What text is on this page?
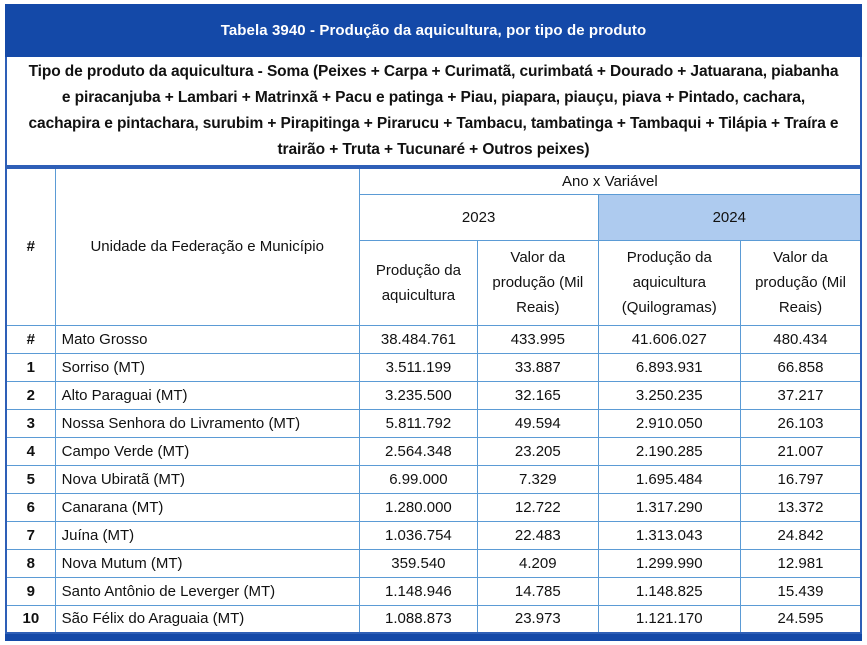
Tabela 3940 - Produção da aquicultura, por tipo de produto

Tipo de produto da aquicultura - Soma (Peixes + Carpa + Curimatã, curimbatá + Dourado + Jatuarana, piabanha e piracanjuba + Lambari + Matrinxã + Pacu e patinga + Piau, piapara, piauçu, piava + Pintado, cachara, cachapira e pintachara, surubim + Pirapitinga + Pirarucu + Tambacu, tambatinga + Tambaqui + Tilápia + Traíra e trairão + Truta + Tucunaré + Outros peixes)

#	Unidade da Federação e Município	Ano x Variável			
		2023		2024	
		Produção da aquicultura	Valor da produção (Mil Reais)	Produção da aquicultura (Quilogramas)	Valor da produção (Mil Reais)
#	Mato Grosso	38.484.761	433.995	41.606.027	480.434
1	Sorriso (MT)	3.511.199	33.887	6.893.931	66.858
2	Alto Paraguai (MT)	3.235.500	32.165	3.250.235	37.217
3	Nossa Senhora do Livramento (MT)	5.811.792	49.594	2.910.050	26.103
4	Campo Verde (MT)	2.564.348	23.205	2.190.285	21.007
5	Nova Ubiratã (MT)	6.99.000	7.329	1.695.484	16.797
6	Canarana (MT)	1.280.000	12.722	1.317.290	13.372
7	Juína (MT)	1.036.754	22.483	1.313.043	24.842
8	Nova Mutum (MT)	359.540	4.209	1.299.990	12.981
9	Santo Antônio de Leverger (MT)	1.148.946	14.785	1.148.825	15.439
10	São Félix do Araguaia (MT)	1.088.873	23.973	1.121.170	24.595
